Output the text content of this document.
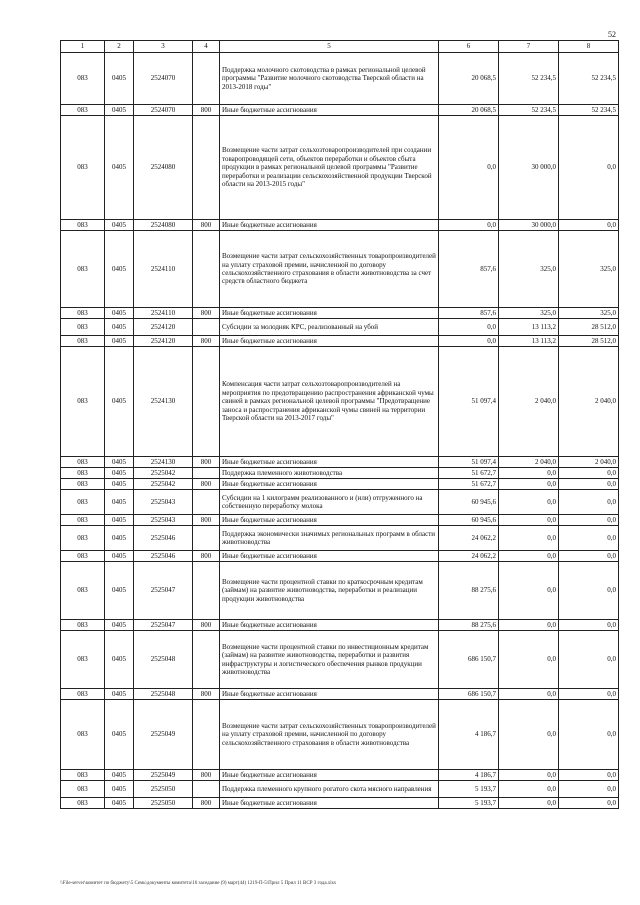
52
1	2	3	4	5	6	7	8
083	0405	2524070		Поддержка молочного скотоводства в рамках региональной целевой программы "Развитие молочного скотоводства Тверской области на 2013-2018 годы"	20 068,5	52 234,5	52 234,5
083	0405	2524070	800	Иные бюджетные ассигнования	20 068,5	52 234,5	52 234,5
083	0405	2524080		Возмещение части затрат сельхозтоваропроизводителей при создании товаропроводящей сети, объектов переработки и объектов сбыта продукции в рамках региональной целевой программы "Развитие переработки и реализации сельскохозяйственной продукции Тверской области на 2013-2015 годы"	0,0	30 000,0	0,0
083	0405	2524080	800	Иные бюджетные ассигнования	0,0	30 000,0	0,0
083	0405	2524110		Возмещение части затрат сельскохозяйственных товаропроизводителей на уплату страховой премии, начисленной по договору сельскохозяйственного страхования в области животноводства за счет средств областного бюджета	857,6	325,0	325,0
083	0405	2524110	800	Иные бюджетные ассигнования	857,6	325,0	325,0
083	0405	2524120		Субсидии за молодняк КРС, реализованный на убой	0,0	13 113,2	28 512,0
083	0405	2524120	800	Иные бюджетные ассигнования	0,0	13 113,2	28 512,0
083	0405	2524130		Компенсация части затрат сельхозтоваропроизводителей на мероприятия по предотвращению распространения африканской чумы свиней в рамках региональной целевой программы "Предотвращение заноса и распространения африканской чумы свиней на территории Тверской области на 2013-2017 годы"	51 097,4	2 040,0	2 040,0
083	0405	2524130	800	Иные бюджетные ассигнования	51 097,4	2 040,0	2 040,0
083	0405	2525042		Поддержка племенного животноводства	51 672,7	0,0	0,0
083	0405	2525042	800	Иные бюджетные ассигнования	51 672,7	0,0	0,0
083	0405	2525043		Субсидии на 1 килограмм реализованного и (или) отгруженного на собственную переработку молока	60 945,6	0,0	0,0
083	0405	2525043	800	Иные бюджетные ассигнования	60 945,6	0,0	0,0
083	0405	2525046		Поддержка экономически значимых региональных программ в области животноводства	24 062,2	0,0	0,0
083	0405	2525046	800	Иные бюджетные ассигнования	24 062,2	0,0	0,0
083	0405	2525047		Возмещение части процентной ставки по краткосрочным кредитам (займам) на развитие животноводства, переработки и реализации продукции животноводства	88 275,6	0,0	0,0
083	0405	2525047	800	Иные бюджетные ассигнования	88 275,6	0,0	0,0
083	0405	2525048		Возмещение части процентной ставки по инвестиционным кредитам (займам) на развитие животноводства, переработки и развития инфраструктуры и логистического обеспечения рынков продукции животноводства	686 150,7	0,0	0,0
083	0405	2525048	800	Иные бюджетные ассигнования	686 150,7	0,0	0,0
083	0405	2525049		Возмещение части затрат сельскохозяйственных товаропроизводителей на уплату страховой премии, начисленной по договору сельскохозяйственного страхования в области животноводства	4 186,7	0,0	0,0
083	0405	2525049	800	Иные бюджетные ассигнования	4 186,7	0,0	0,0
083	0405	2525050		Поддержка племенного крупного рогатого скота мясного направления	5 193,7	0,0	0,0
083	0405	2525050	800	Иные бюджетные ассигнования	5 193,7	0,0	0,0
\\File-server\комитет по бюджету\5 Семь\документы комитета\16 заседание (9) март(44) 1219-П-5\Прил 5 Прил 11 ВСР 3 года.xlsx
